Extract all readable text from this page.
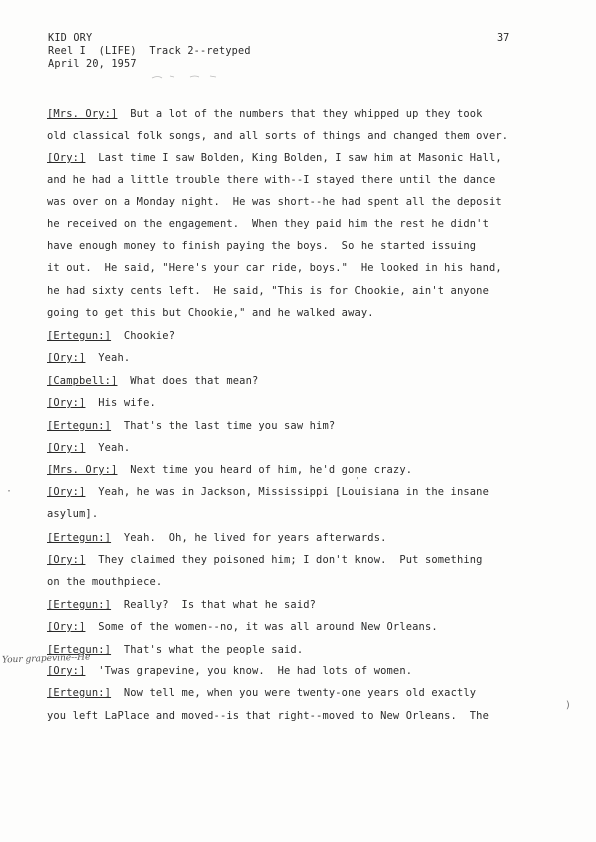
KID ORY
Reel I  (LIFE)  Track 2--retyped
April 20, 1957
37
[Mrs. Ory:]  But a lot of the numbers that they whipped up they took
old classical folk songs, and all sorts of things and changed them over.
[Ory:]  Last time I saw Bolden, King Bolden, I saw him at Masonic Hall,
and he had a little trouble there with--I stayed there until the dance
was over on a Monday night.  He was short--he had spent all the deposit
he received on the engagement.  When they paid him the rest he didn't
have enough money to finish paying the boys.  So he started issuing
it out.  He said, "Here's your car ride, boys."  He looked in his hand,
he had sixty cents left.  He said, "This is for Chookie, ain't anyone
going to get this but Chookie," and he walked away.
[Ertegun:]  Chookie?
[Ory:]  Yeah.
[Campbell:]  What does that mean?
[Ory:]  His wife.
[Ertegun:]  That's the last time you saw him?
[Ory:]  Yeah.
[Mrs. Ory:]  Next time you heard of him, he'd gone crazy.
[Ory:]  Yeah, he was in Jackson, Mississippi [Louisiana in the insane
asylum].
[Ertegun:]  Yeah.  Oh, he lived for years afterwards.
[Ory:]  They claimed they poisoned him; I don't know.  Put something
on the mouthpiece.
[Ertegun:]  Really?  Is that what he said?
[Ory:]  Some of the women--no, it was all around New Orleans.
[Ertegun:]  That's what the people said.
[Ory:]  'Twas grapevine, you know.  He had lots of women.
[Ertegun:]  Now tell me, when you were twenty-one years old exactly
you left LaPlace and moved--is that right--moved to New Orleans.  The
Your grapevine--He
·
'
)
